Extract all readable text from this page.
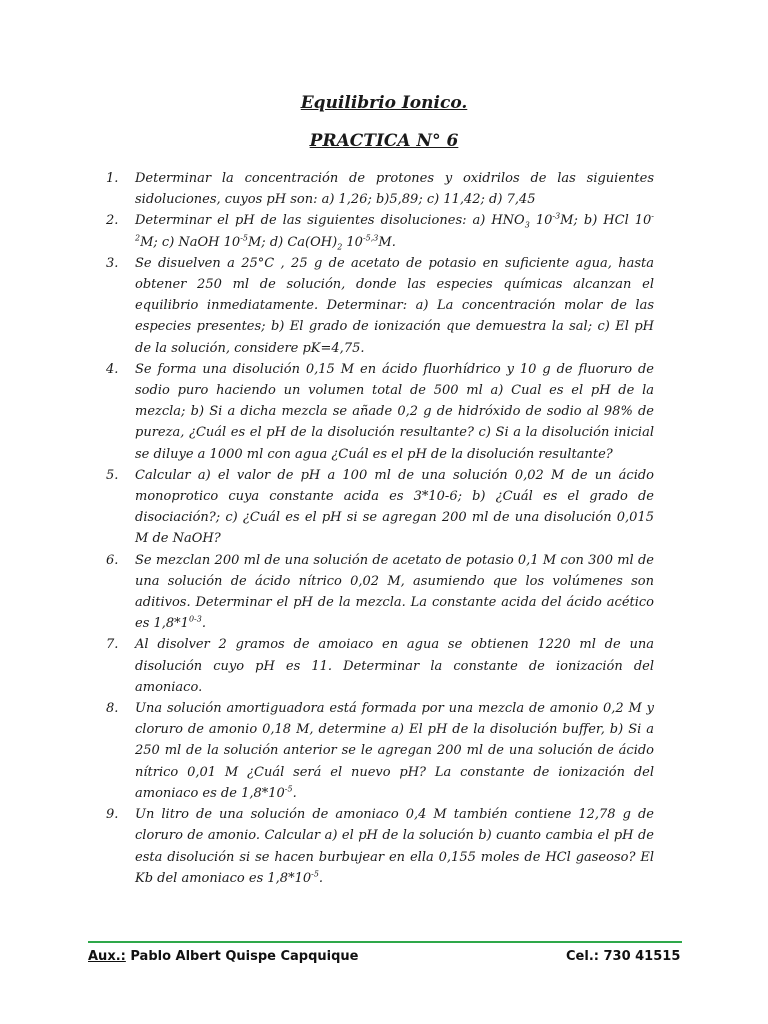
Equilibrio Ionico.
PRACTICA N° 6
1.	Determinar la concentración de protones y oxidrilos de las siguientes sidoluciones, cuyos pH son: a) 1,26; b)5,89; c) 11,42; d) 7,45
2.	Determinar el pH de las siguientes disoluciones: a) $HNO_3$ $10^{-3}M$; b) HCl $10^{-2}M$; c) NaOH $10^{-5}M$; d) $Ca(OH)_2$ $10^{-5,3}M$.
3.	Se disuelven a 25°C , 25 g de acetato de potasio en suficiente agua, hasta obtener 250 ml de solución, donde las especies químicas alcanzan el equilibrio inmediatamente. Determinar: a) La concentración molar de las especies presentes; b) El grado de ionización que demuestra la sal; c) El pH de la solución, considere pK=4,75.
4.	Se forma una disolución 0,15 M en ácido fluorhídrico y 10 g de fluoruro de sodio puro haciendo un volumen total de 500 ml a) Cual es el pH de la mezcla; b) Si a dicha mezcla se añade 0,2 g de hidróxido de sodio al 98% de pureza, ¿Cuál es el pH de la disolución resultante? c) Si a la disolución inicial se diluye a 1000 ml con agua ¿Cuál es el pH de la disolución resultante?
5.	Calcular a) el valor de pH a 100 ml de una solución 0,02 M de un ácido monoprotico cuya constante acida es 3*10-6; b) ¿Cuál es el grado de disociación?; c) ¿Cuál es el pH si se agregan 200 ml de una disolución 0,015 M de NaOH?
6.	Se mezclan 200 ml de una solución de acetato de potasio 0,1 M con 300 ml de una solución de ácido nítrico 0,02 M, asumiendo que los volúmenes son aditivos. Determinar el pH de la mezcla. La constante acida del ácido acético es 1,8*1$^{0-3}$.
7.	Al disolver 2 gramos de amoiaco en agua se obtienen 1220 ml de una disolución cuyo pH es 11. Determinar la constante de ionización del amoniaco.
8.	Una solución amortiguadora está formada por una mezcla de amonio 0,2 M y cloruro de amonio 0,18 M, determine a) El pH de la disolución buffer, b) Si a 250 ml de la solución anterior se le agregan 200 ml de una solución de ácido nítrico 0,01 M ¿Cuál será el nuevo pH? La constante de ionización del amoniaco es de $1,8*10^{-5}$.
9.	Un litro de una solución de amoniaco 0,4 M también contiene 12,78 g de cloruro de amonio. Calcular a) el pH de la solución b) cuanto cambia el pH de esta disolución si se hacen burbujear en ella 0,155 moles de HCl gaseoso? El Kb del amoniaco es $1,8*10^{-5}$.
Aux.: Pablo Albert Quispe Capquique	Cel.: 730 41515
